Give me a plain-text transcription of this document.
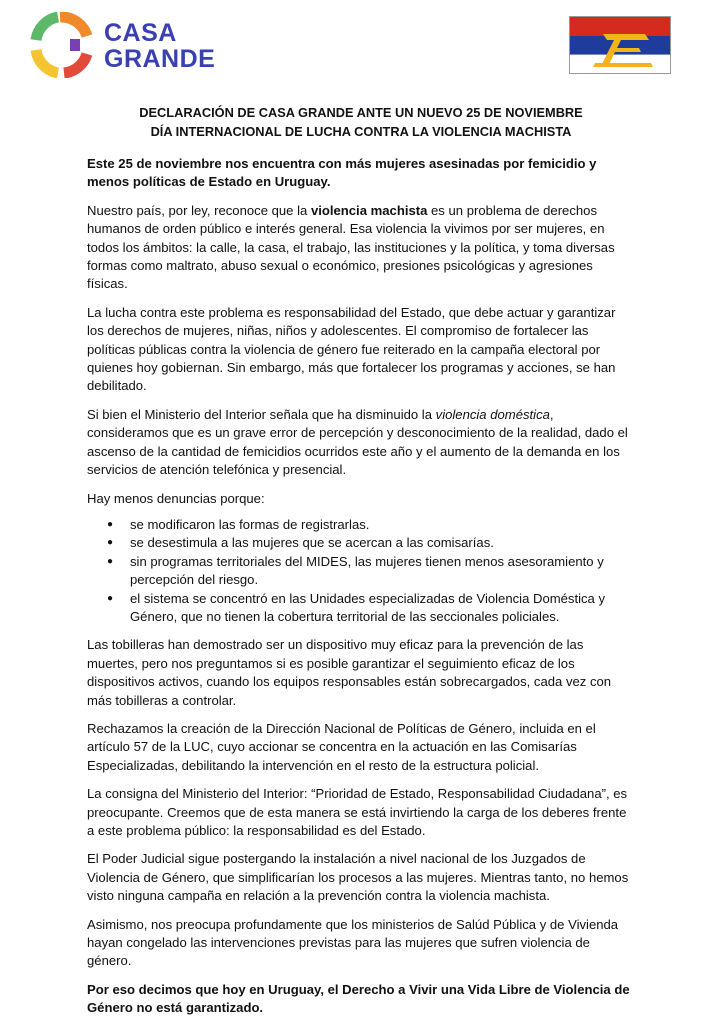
CASA
GRANDE
DECLARACIÓN DE CASA GRANDE ANTE UN NUEVO 25 DE NOVIEMBRE
DÍA INTERNACIONAL DE LUCHA CONTRA LA VIOLENCIA MACHISTA

Este 25 de noviembre nos encuentra con más mujeres asesinadas por femicidio y menos políticas de Estado en Uruguay.

Nuestro país, por ley, reconoce que la violencia machista es un problema de derechos humanos de orden público e interés general. Esa violencia la vivimos por ser mujeres, en todos los ámbitos: la calle, la casa, el trabajo, las instituciones y la política, y toma diversas formas como maltrato, abuso sexual o económico, presiones psicológicas y agresiones físicas.

La lucha contra este problema es responsabilidad del Estado, que debe actuar y garantizar los derechos de mujeres, niñas, niños y adolescentes. El compromiso de fortalecer las políticas públicas contra la violencia de género fue reiterado en la campaña electoral por quienes hoy gobiernan. Sin embargo, más que fortalecer los programas y acciones, se han debilitado.

Si bien el Ministerio del Interior señala que ha disminuido la violencia doméstica, consideramos que es un grave error de percepción y desconocimiento de la realidad, dado el ascenso de la cantidad de femicidios ocurridos este año y el aumento de la demanda en los servicios de atención telefónica y presencial.

Hay menos denuncias porque:

● se modificaron las formas de registrarlas.
● se desestimula a las mujeres que se acercan a las comisarías.
● sin programas territoriales del MIDES, las mujeres tienen menos asesoramiento y percepción del riesgo.
● el sistema se concentró en las Unidades especializadas de Violencia Doméstica y Género, que no tienen la cobertura territorial de las seccionales policiales.

Las tobilleras han demostrado ser un dispositivo muy eficaz para la prevención de las muertes, pero nos preguntamos si es posible garantizar el seguimiento eficaz de los dispositivos activos, cuando los equipos responsables están sobrecargados, cada vez con más tobilleras a controlar.

Rechazamos la creación de la Dirección Nacional de Políticas de Género, incluida en el artículo 57 de la LUC, cuyo accionar se concentra en la actuación en las Comisarías Especializadas, debilitando la intervención en el resto de la estructura policial.

La consigna del Ministerio del Interior: “Prioridad de Estado, Responsabilidad Ciudadana”, es preocupante. Creemos que de esta manera se está invirtiendo la carga de los deberes frente a este problema público: la responsabilidad es del Estado.

El Poder Judicial sigue postergando la instalación a nivel nacional de los Juzgados de Violencia de Género, que simplificarían los procesos a las mujeres. Mientras tanto, no hemos visto ninguna campaña en relación a la prevención contra la violencia machista.

Asimismo, nos preocupa profundamente que los ministerios de Salúd Pública y de Vivienda hayan congelado las intervenciones previstas para las mujeres que sufren violencia de género.

Por eso decimos que hoy en Uruguay, el Derecho a Vivir una Vida Libre de Violencia de Género no está garantizado.
